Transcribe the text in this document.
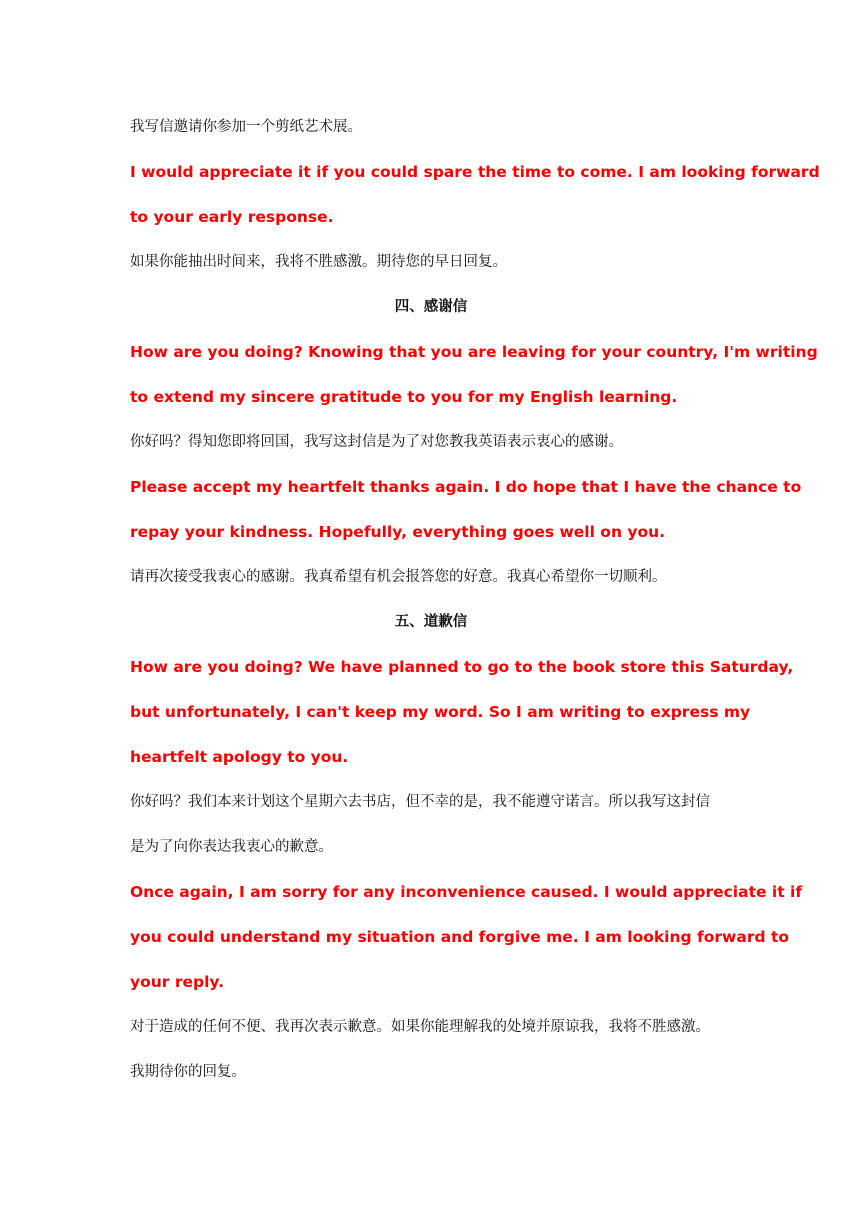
我写信邀请你参加一个剪纸艺术展。
I would appreciate it if you could spare the time to come. I am looking forward
to your early response.
如果你能抽出时间来，我将不胜感激。期待您的早日回复。
四、感谢信
How are you doing? Knowing that you are leaving for your country, I'm writing
to extend my sincere gratitude to you for my English learning.
你好吗？得知您即将回国，我写这封信是为了对您教我英语表示衷心的感谢。
Please accept my heartfelt thanks again. I do hope that I have the chance to
repay your kindness. Hopefully, everything goes well on you.
请再次接受我衷心的感谢。我真希望有机会报答您的好意。我真心希望你一切顺利。
五、道歉信
How are you doing? We have planned to go to the book store this Saturday,
but unfortunately, I can't keep my word. So I am writing to express my
heartfelt apology to you.
你好吗？我们本来计划这个星期六去书店，但不幸的是，我不能遵守诺言。所以我写这封信
是为了向你表达我衷心的歉意。
Once again, I am sorry for any inconvenience caused. I would appreciate it if
you could understand my situation and forgive me. I am looking forward to
your reply.
对于造成的任何不便、我再次表示歉意。如果你能理解我的处境并原谅我，我将不胜感激。
我期待你的回复。
